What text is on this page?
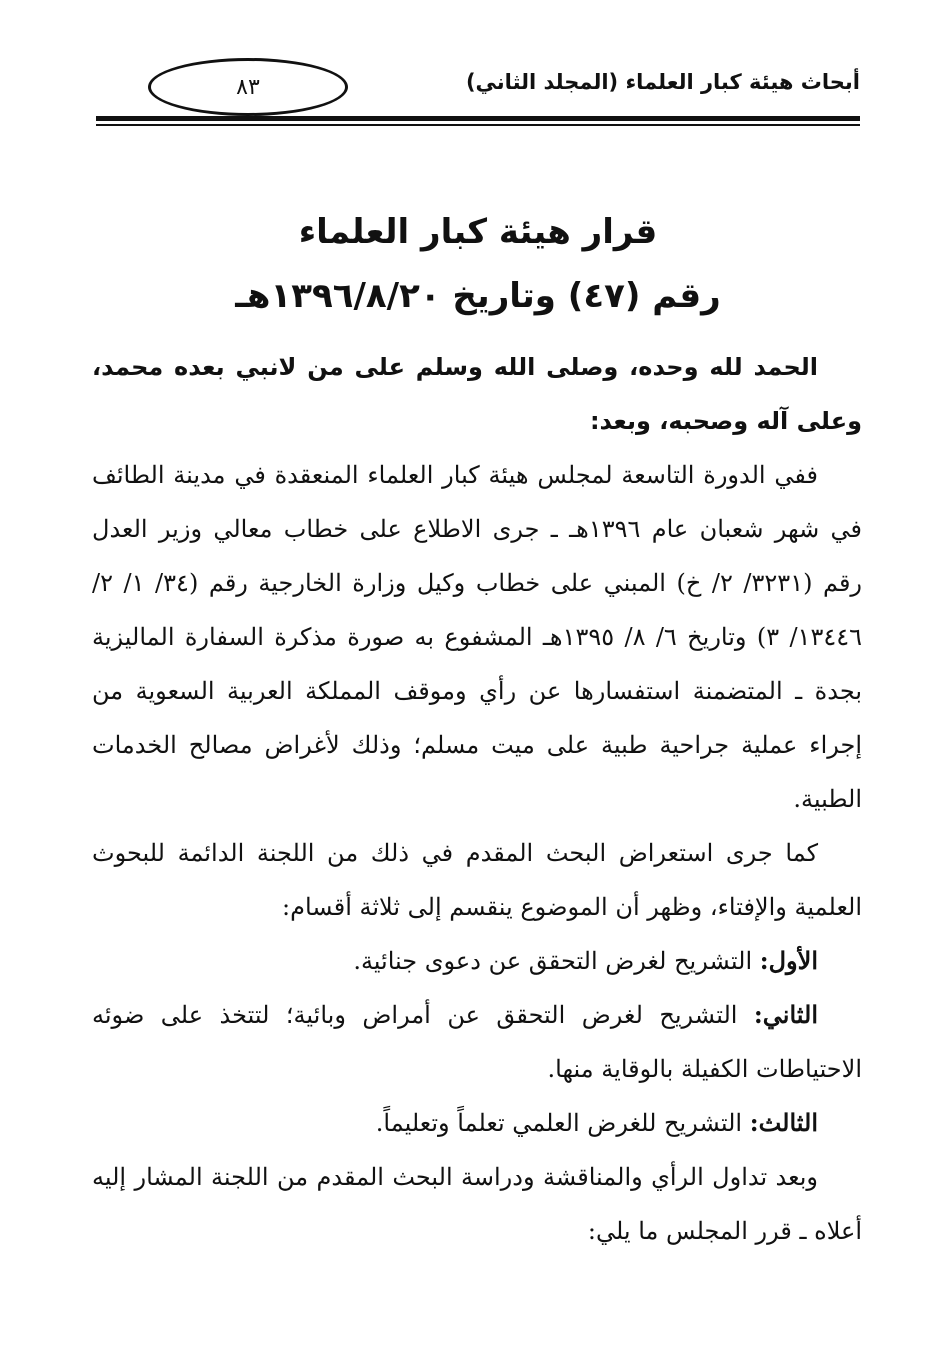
٨٣	أبحاث هيئة كبار العلماء (المجلد الثاني)
قرار هيئة كبار العلماء
رقم (٤٧) وتاريخ ١٣٩٦/٨/٢٠هـ

الحمد لله وحده، وصلى الله وسلم على من لانبي بعده محمد، وعلى آله وصحبه، وبعد:

ففي الدورة التاسعة لمجلس هيئة كبار العلماء المنعقدة في مدينة الطائف في شهر شعبان عام ١٣٩٦هـ ـ جرى الاطلاع على خطاب معالي وزير العدل رقم (٣٢٣١/ ٢/ خ) المبني على خطاب وكيل وزارة الخارجية رقم (٣٤/ ١/ ٢/ ١٣٤٤٦/ ٣) وتاريخ ٦/ ٨/ ١٣٩٥هـ المشفوع به صورة مذكرة السفارة الماليزية بجدة ـ المتضمنة استفسارها عن رأي وموقف المملكة العربية السعوية من إجراء عملية جراحية طبية على ميت مسلم؛ وذلك لأغراض مصالح الخدمات الطبية.

كما جرى استعراض البحث المقدم في ذلك من اللجنة الدائمة للبحوث العلمية والإفتاء، وظهر أن الموضوع ينقسم إلى ثلاثة أقسام:

الأول: التشريح لغرض التحقق عن دعوى جنائية.

الثاني: التشريح لغرض التحقق عن أمراض وبائية؛ لتتخذ على ضوئه الاحتياطات الكفيلة بالوقاية منها.

الثالث: التشريح للغرض العلمي تعلماً وتعليماً.

وبعد تداول الرأي والمناقشة ودراسة البحث المقدم من اللجنة المشار إليه أعلاه ـ قرر المجلس ما يلي:
